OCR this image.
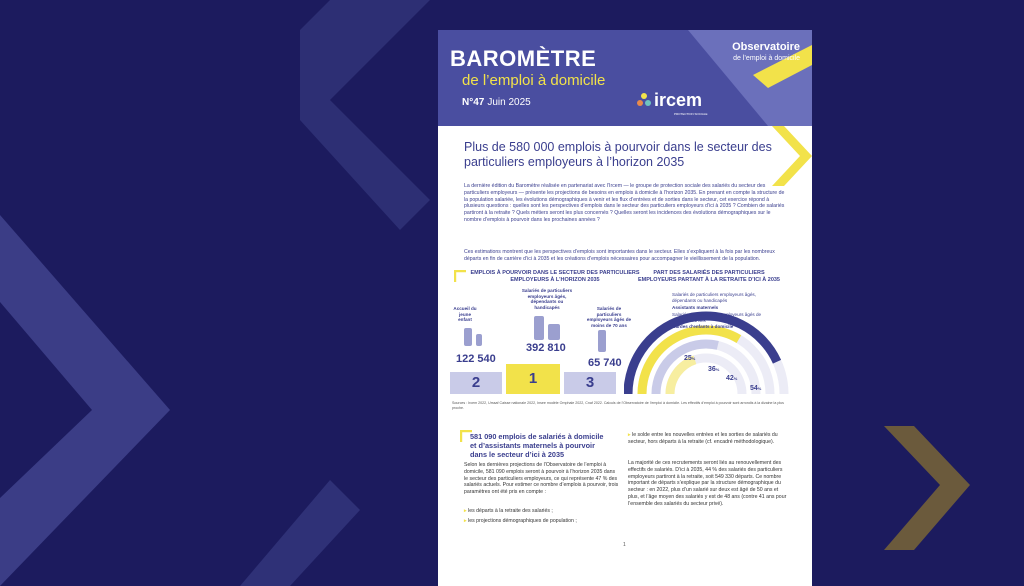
BAROMÈTRE
de l’emploi à domicile
N°47 Juin 2025
Observatoire
de l’emploi à domicile
ircem
PROTECTION SOCIALE
Plus de 580 000 emplois à pourvoir dans le secteur des particuliers employeurs à l’horizon 2035

La dernière édition du Baromètre réalisée en partenariat avec l’Ircem — le groupe de protection sociale des salariés du secteur des particuliers employeurs — présente les projections de besoins en emplois à domicile à l’horizon 2035. En prenant en compte la structure de la population salariée, les évolutions démographiques à venir et les flux d’entrées et de sorties dans le secteur, cet exercice répond à plusieurs questions : quelles sont les perspectives d’emplois dans le secteur des particuliers employeurs d’ici à 2035 ? Combien de salariés partiront à la retraite ? Quels métiers seront les plus concernés ? Quelles seront les incidences des évolutions démographiques sur le nombre d’emplois à pourvoir dans les prochaines années ?

Ces estimations montrent que les perspectives d’emplois sont importantes dans le secteur. Elles s’expliquent à la fois par les nombreux départs en fin de carrière d’ici à 2035 et les créations d’emplois nécessaires pour accompagner le vieillissement de la population.

EMPLOIS À POURVOIR DANS LE SECTEUR DES PARTICULIERS EMPLOYEURS À L’HORIZON 2035
Accueil du jeune enfant
Salariés de particuliers employeurs âgés, dépendants ou handicapés	Salariés de particuliers employeurs âgés de moins de 70 ans
122 540
392 810
65 740
2	1	3
PART DES SALARIÉS DES PARTICULIERS EMPLOYEURS PARTANT À LA RETRAITE D’ICI À 2035
Salariés de particuliers employeurs âgés, dépendants ou handicapés
Assistants maternels
Salariés de particuliers employeurs âgés de moins de 70 ans
Gardes d’enfants à domicile
25%
36%
42%
54%

Sources : Ircem 2022, Urssaf Caisse nationale 2022, Insee modèle Omphale 2022, Cnaf 2022. Calculs de l’Observatoire de l’emploi à domicile. Les effectifs d’emploi à pourvoir sont arrondis à la dizaine la plus proche.

581 090 emplois de salariés à domicile et d’assistants maternels à pourvoir dans le secteur d’ici à 2035

Selon les dernières projections de l’Observatoire de l’emploi à domicile, 581 090 emplois seront à pourvoir à l’horizon 2035 dans le secteur des particuliers employeurs, ce qui représente 47 % des salariés actuels. Pour estimer ce nombre d’emplois à pourvoir, trois paramètres ont été pris en compte :

▸ les départs à la retraite des salariés ;

▸ les projections démographiques de population ;

▸ le solde entre les nouvelles entrées et les sorties de salariés du secteur, hors départs à la retraite (cf. encadré méthodologique).

La majorité de ces recrutements seront liés au renouvellement des effectifs de salariés. D’ici à 2035, 44 % des salariés des particuliers employeurs partiront à la retraite, soit 549 330 départs. Ce nombre important de départs s’explique par la structure démographique du secteur : en 2022, plus d’un salarié sur deux est âgé de 50 ans et plus, et l’âge moyen des salariés y est de 48 ans (contre 41 ans pour l’ensemble des salariés du secteur privé).

1
